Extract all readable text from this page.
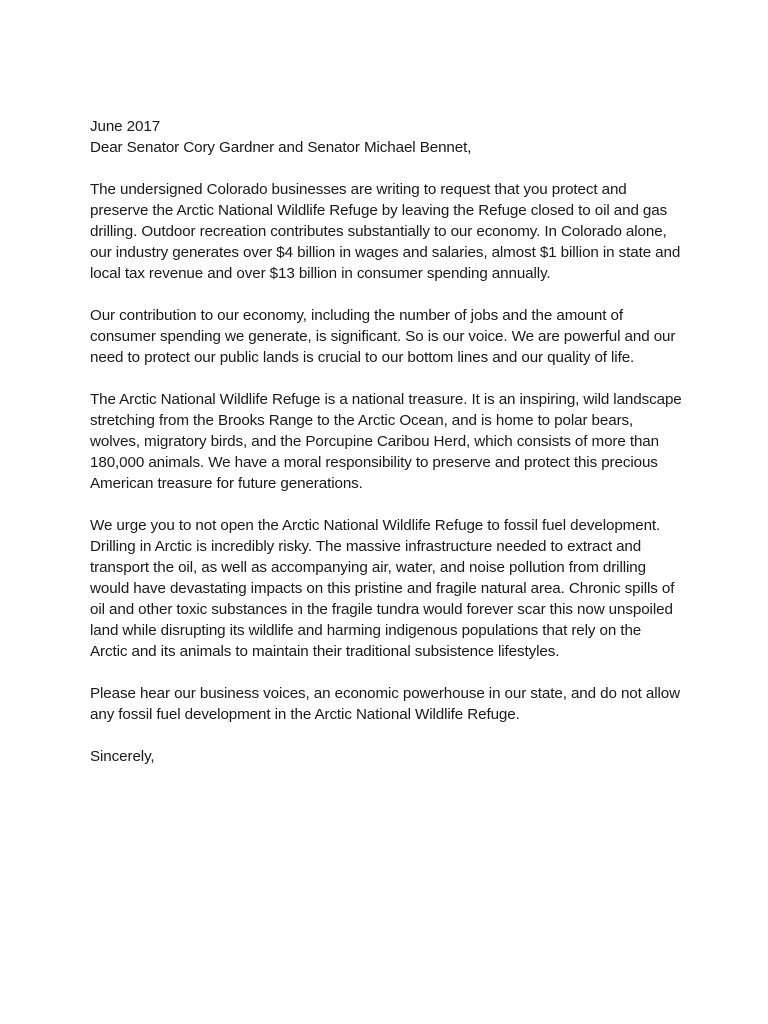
June 2017
Dear Senator Cory Gardner and Senator Michael Bennet,
The undersigned Colorado businesses are writing to request that you protect and
preserve the Arctic National Wildlife Refuge by leaving the Refuge closed to oil and gas
drilling. Outdoor recreation contributes substantially to our economy. In Colorado alone,
our industry generates over $4 billion in wages and salaries, almost $1 billion in state and
local tax revenue and over $13 billion in consumer spending annually.
Our contribution to our economy, including the number of jobs and the amount of
consumer spending we generate, is significant. So is our voice. We are powerful and our
need to protect our public lands is crucial to our bottom lines and our quality of life.
The Arctic National Wildlife Refuge is a national treasure. It is an inspiring, wild landscape
stretching from the Brooks Range to the Arctic Ocean, and is home to polar bears,
wolves, migratory birds, and the Porcupine Caribou Herd, which consists of more than
180,000 animals. We have a moral responsibility to preserve and protect this precious
American treasure for future generations.
We urge you to not open the Arctic National Wildlife Refuge to fossil fuel development.
Drilling in Arctic is incredibly risky. The massive infrastructure needed to extract and
transport the oil, as well as accompanying air, water, and noise pollution from drilling
would have devastating impacts on this pristine and fragile natural area. Chronic spills of
oil and other toxic substances in the fragile tundra would forever scar this now unspoiled
land while disrupting its wildlife and harming indigenous populations that rely on the
Arctic and its animals to maintain their traditional subsistence lifestyles.
Please hear our business voices, an economic powerhouse in our state, and do not allow
any fossil fuel development in the Arctic National Wildlife Refuge.
Sincerely,
